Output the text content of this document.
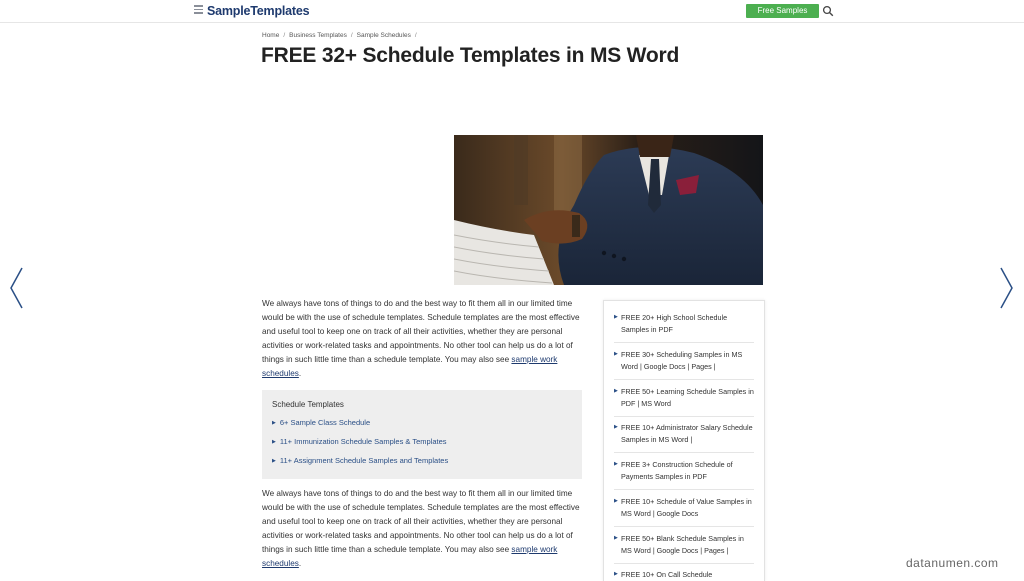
SampleTemplates	Free Samples
Home / Business Templates / Sample Schedules /
FREE 32+ Schedule Templates in MS Word

We always have tons of things to do and the best way to fit them all in our limited time would be with the use of schedule templates. Schedule templates are the most effective and useful tool to keep one on track of all their activities, whether they are personal activities or work-related tasks and appointments. No other tool can help us do a lot of things in such little time than a schedule template. You may also see sample work schedules.

Schedule Templates
▶ 6+ Sample Class Schedule
▶ 11+ Immunization Schedule Samples & Templates
▶ 11+ Assignment Schedule Samples and Templates

We always have tons of things to do and the best way to fit them all in our limited time would be with the use of schedule templates. Schedule templates are the most effective and useful tool to keep one on track of all their activities, whether they are personal activities or work-related tasks and appointments. No other tool can help us do a lot of things in such little time than a schedule template. You may also see sample work schedules.

▶ FREE 20+ High School Schedule Samples in PDF
▶ FREE 30+ Scheduling Samples in MS Word | Google Docs | Pages |
▶ FREE 50+ Learning Schedule Samples in PDF | MS Word
▶ FREE 10+ Administrator Salary Schedule Samples in MS Word |
▶ FREE 3+ Construction Schedule of Payments Samples in PDF
▶ FREE 10+ Schedule of Value Samples in MS Word | Google Docs
▶ FREE 50+ Blank Schedule Samples in MS Word | Google Docs | Pages |
▶ FREE 10+ On Call Schedule
datanumen.com
